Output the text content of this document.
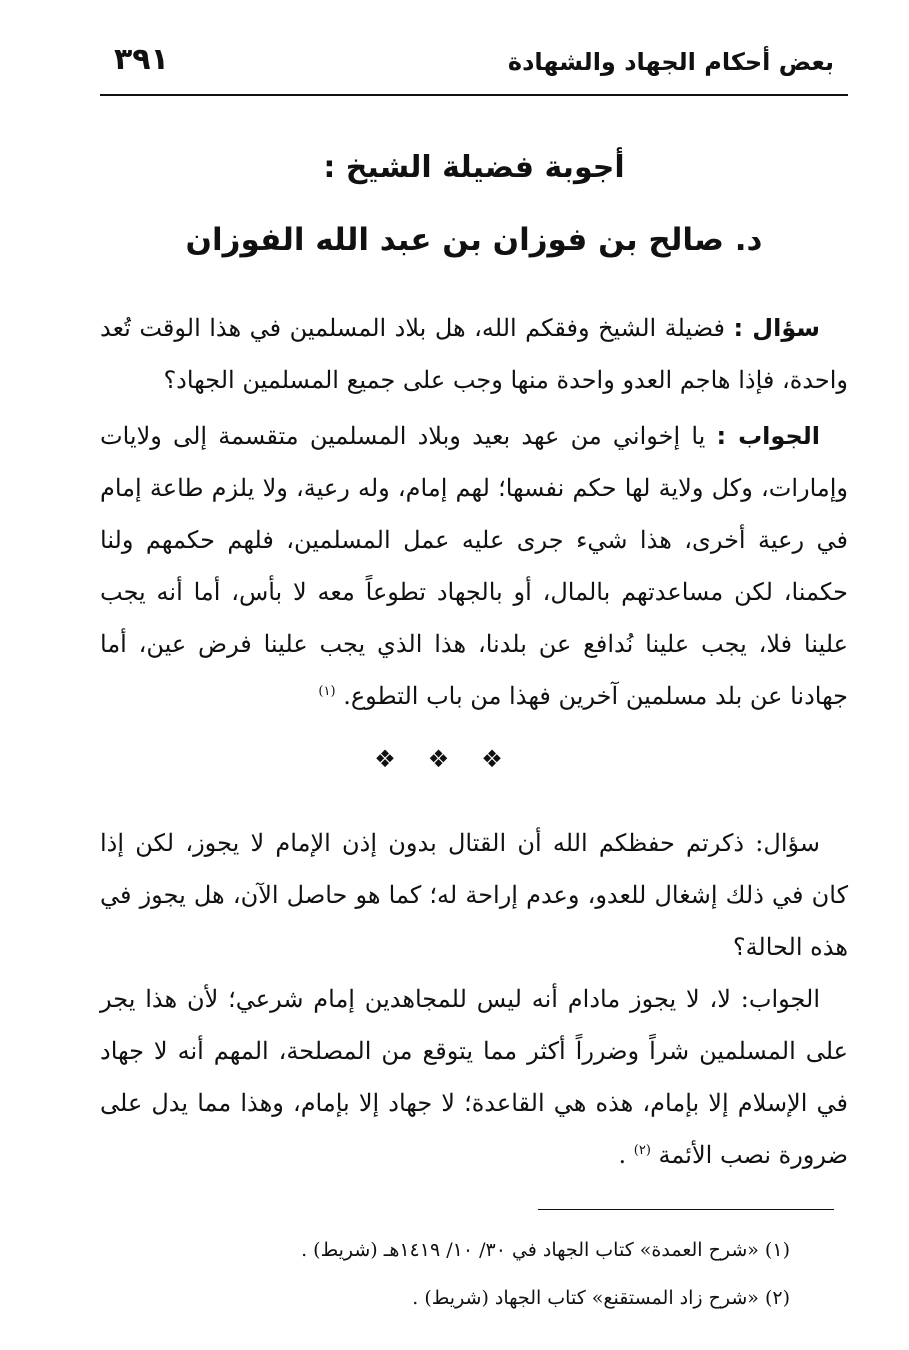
٣٩١	بعض أحكام الجهاد والشهادة
أجوبة فضيلة الشيخ :
د. صالح بن فوزان بن عبد الله الفوزان

سؤال : فضيلة الشيخ وفقكم الله، هل بلاد المسلمين في هذا الوقت تُعد واحدة، فإذا هاجم العدو واحدة منها وجب على جميع المسلمين الجهاد؟

الجواب : يا إخواني من عهد بعيد وبلاد المسلمين متقسمة إلى ولايات وإمارات، وكل ولاية لها حكم نفسها؛ لهم إمام، وله رعية، ولا يلزم طاعة إمام في رعية أخرى، هذا شيء جرى عليه عمل المسلمين، فلهم حكمهم ولنا حكمنا، لكن مساعدتهم بالمال، أو بالجهاد تطوعاً معه لا بأس، أما أنه يجب علينا فلا، يجب علينا نُدافع عن بلدنا، هذا الذي يجب علينا فرض عين، أما جهادنا عن بلد مسلمين آخرين فهذا من باب التطوع. $^{(١)}$

❖❖❖

سؤال: ذكرتم حفظكم الله أن القتال بدون إذن الإمام لا يجوز، لكن إذا كان في ذلك إشغال للعدو، وعدم إراحة له؛ كما هو حاصل الآن، هل يجوز في هذه الحالة؟

الجواب: لا، لا يجوز مادام أنه ليس للمجاهدين إمام شرعي؛ لأن هذا يجر على المسلمين شراً وضرراً أكثر مما يتوقع من المصلحة، المهم أنه لا جهاد في الإسلام إلا بإمام، هذه هي القاعدة؛ لا جهاد إلا بإمام، وهذا مما يدل على ضرورة نصب الأئمة $^{(٢)}$ .

(١) «شرح العمدة» كتاب الجهاد في ٣٠/ ١٠/ ١٤١٩هـ (شريط) .

(٢) «شرح زاد المستقنع» كتاب الجهاد (شريط) .
